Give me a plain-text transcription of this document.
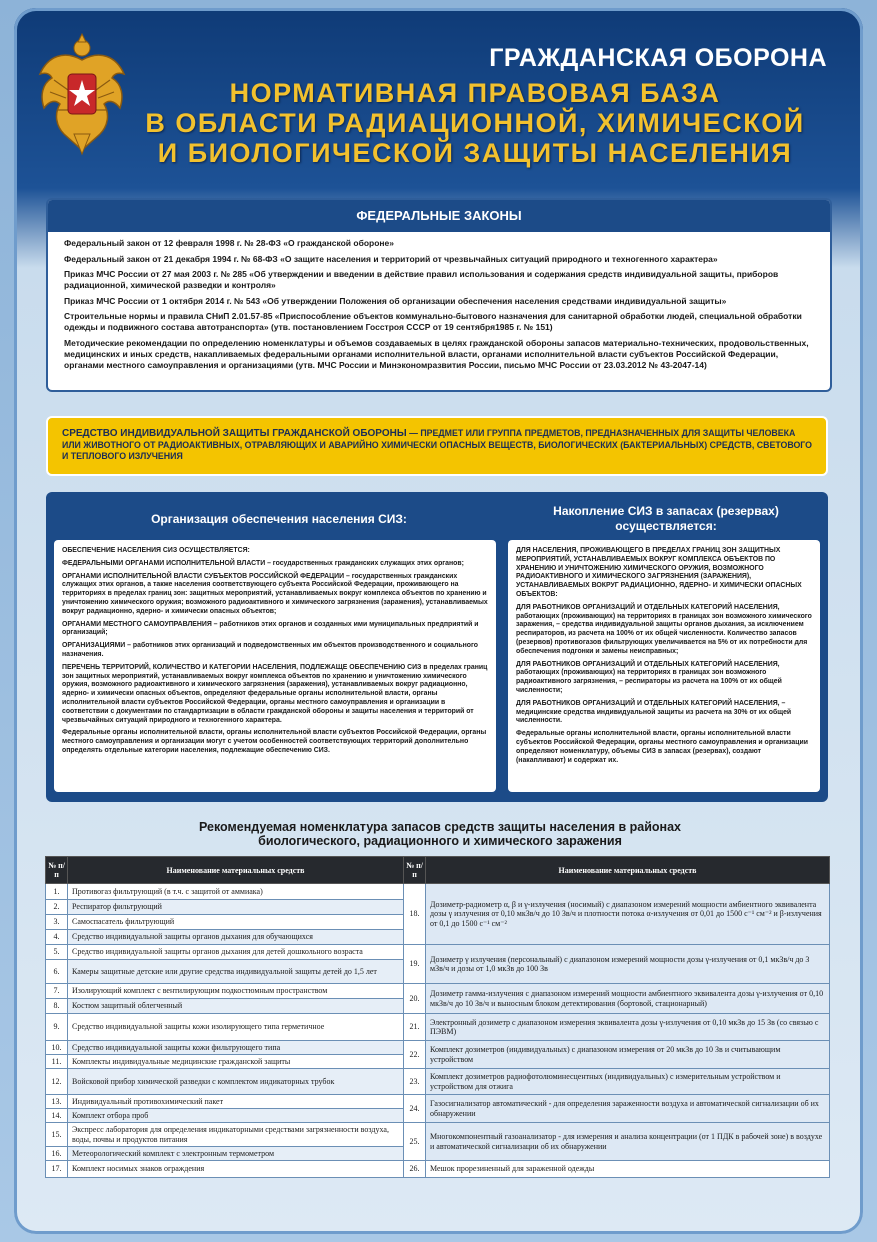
ГРАЖДАНСКАЯ ОБОРОНА
НОРМАТИВНАЯ ПРАВОВАЯ БАЗА
В ОБЛАСТИ РАДИАЦИОННОЙ, ХИМИЧЕСКОЙ
И БИОЛОГИЧЕСКОЙ ЗАЩИТЫ НАСЕЛЕНИЯ
ФЕДЕРАЛЬНЫЕ ЗАКОНЫ
Федеральный закон от 12 февраля 1998 г. № 28-ФЗ «О гражданской обороне»
Федеральный закон от 21 декабря 1994 г. № 68-ФЗ «О защите населения и территорий от чрезвычайных ситуаций природного и техногенного характера»
Приказ МЧС России от 27 мая 2003 г. № 285 «Об утверждении и введении в действие правил использования и содержания средств индивидуальной защиты, приборов радиационной, химической разведки и контроля»
Приказ МЧС России от 1 октября 2014 г. № 543 «Об утверждении Положения об организации обеспечения населения средствами индивидуальной защиты»
Строительные нормы и правила СНиП 2.01.57-85 «Приспособление объектов коммунально-бытового назначения для санитарной обработки людей, специальной обработки одежды и подвижного состава автотранспорта» (утв. постановлением Госстроя СССР от 19 сентября1985 г. № 151)
Методические рекомендации по определению номенклатуры и объемов создаваемых в целях гражданской обороны запасов материально-технических, продовольственных, медицинских и иных средств, накапливаемых федеральными органами исполнительной власти, органами исполнительной власти субъектов Российской Федерации, органами местного самоуправления и организациями (утв. МЧС России и Минэкономразвития России, письмо МЧС России от 23.03.2012 № 43-2047-14)
СРЕДСТВО ИНДИВИДУАЛЬНОЙ ЗАЩИТЫ ГРАЖДАНСКОЙ ОБОРОНЫ — ПРЕДМЕТ ИЛИ ГРУППА ПРЕДМЕТОВ, ПРЕДНАЗНАЧЕННЫХ ДЛЯ ЗАЩИТЫ ЧЕЛОВЕКА ИЛИ ЖИВОТНОГО ОТ РАДИОАКТИВНЫХ, ОТРАВЛЯЮЩИХ И АВАРИЙНО ХИМИЧЕСКИ ОПАСНЫХ ВЕЩЕСТВ, БИОЛОГИЧЕСКИХ (БАКТЕРИАЛЬНЫХ) СРЕДСТВ, СВЕТОВОГО И ТЕПЛОВОГО ИЗЛУЧЕНИЯ
Организация обеспечения населения СИЗ:
Накопление СИЗ в запасах (резервах) осуществляется:

ОБЕСПЕЧЕНИЕ НАСЕЛЕНИЯ СИЗ ОСУЩЕСТВЛЯЕТСЯ:

ФЕДЕРАЛЬНЫМИ ОРГАНАМИ ИСПОЛНИТЕЛЬНОЙ ВЛАСТИ – государственных гражданских служащих этих органов;

ОРГАНАМИ ИСПОЛНИТЕЛЬНОЙ ВЛАСТИ СУБЪЕКТОВ РОССИЙСКОЙ ФЕДЕРАЦИИ – государственных гражданских служащих этих органов, а также населения соответствующего субъекта Российской Федерации, проживающего на территориях в пределах границ зон: защитных мероприятий, устанавливаемых вокруг комплекса объектов по хранению и уничтожению химического оружия; возможного радиоактивного и химического загрязнения (заражения), устанавливаемых вокруг радиационно, ядерно- и химически опасных объектов;

ОРГАНАМИ МЕСТНОГО САМОУПРАВЛЕНИЯ – работников этих органов и созданных ими муниципальных предприятий и организаций;

ОРГАНИЗАЦИЯМИ – работников этих организаций и подведомственных им объектов производственного и социального назначения.

ПЕРЕЧЕНЬ ТЕРРИТОРИЙ, КОЛИЧЕСТВО И КАТЕГОРИИ НАСЕЛЕНИЯ, ПОДЛЕЖАЩЕ ОБЕСПЕЧЕНИЮ СИЗ в пределах границ зон защитных мероприятий, устанавливаемых вокруг комплекса объектов по хранению и уничтожению химического оружия, возможного радиоактивного и химического загрязнения (заражения), устанавливаемых вокруг радиационно, ядерно- и химически опасных объектов, определяют федеральные органы исполнительной власти, органы исполнительной власти субъектов Российской Федерации, органы местного самоуправления и организации в соответствии с документами по стандартизации в области гражданской обороны и защиты населения и территорий от чрезвычайных ситуаций природного и техногенного характера.

Федеральные органы исполнительной власти, органы исполнительной власти субъектов Российской Федерации, органы местного самоуправления и организации могут с учетом особенностей соответствующих территорий дополнительно определять отдельные категории населения, подлежащие обеспечению СИЗ.

ДЛЯ НАСЕЛЕНИЯ, ПРОЖИВАЮЩЕГО В ПРЕДЕЛАХ ГРАНИЦ ЗОН ЗАЩИТНЫХ МЕРОПРИЯТИЙ, УСТАНАВЛИВАЕМЫХ ВОКРУГ КОМПЛЕКСА ОБЪЕКТОВ ПО ХРАНЕНИЮ И УНИЧТОЖЕНИЮ ХИМИЧЕСКОГО ОРУЖИЯ, ВОЗМОЖНОГО РАДИОАКТИВНОГО И ХИМИЧЕСКОГО ЗАГРЯЗНЕНИЯ (ЗАРАЖЕНИЯ), УСТАНАВЛИВАЕМЫХ ВОКРУГ РАДИАЦИОННО, ЯДЕРНО- И ХИМИЧЕСКИ ОПАСНЫХ ОБЪЕКТОВ:

ДЛЯ РАБОТНИКОВ ОРГАНИЗАЦИЙ И ОТДЕЛЬНЫХ КАТЕГОРИЙ НАСЕЛЕНИЯ, работающих (проживающих) на территориях в границах зон возможного химического заражения, – средства индивидуальной защиты органов дыхания, за исключением респираторов, из расчета на 100% от их общей численности. Количество запасов (резервов) противогазов фильтрующих увеличивается на 5% от их потребности для обеспечения подгонки и замены неисправных;

ДЛЯ РАБОТНИКОВ ОРГАНИЗАЦИЙ И ОТДЕЛЬНЫХ КАТЕГОРИЙ НАСЕЛЕНИЯ, работающих (проживающих) на территориях в границах зон возможного радиоактивного загрязнения, – респираторы из расчета на 100% от их общей численности;

ДЛЯ РАБОТНИКОВ ОРГАНИЗАЦИЙ И ОТДЕЛЬНЫХ КАТЕГОРИЙ НАСЕЛЕНИЯ, – медицинские средства индивидуальной защиты из расчета на 30% от их общей численности.

Федеральные органы исполнительной власти, органы исполнительной власти субъектов Российской Федерации, органы местного самоуправления и организации определяют номенклатуру, объемы СИЗ в запасах (резервах), создают (накапливают) и содержат их.

Рекомендуемая номенклатура запасов средств защиты населения в районах
биологического, радиационного и химического заражения
№ п/п	Наименование материальных средств	№ п/п	Наименование материальных средств
1.	Противогаз фильтрующий (в т.ч. с защитой от аммиака)	18.	Дозиметр-радиометр α, β и γ-излучения (носимый) с диапазоном измерений мощности амбиентного эквивалента дозы γ излучения от 0,10 мкЗв/ч до 10 Зв/ч и плотности потока α-излучения от 0,01 до 1500 с⁻¹ см⁻² и β-излучения от 0,1 до 1500 с⁻¹ см⁻²
2.	Респиратор фильтрующий		
3.	Самоспасатель фильтрующий		
4.	Средство индивидуальной защиты органов дыхания для обучающихся		
5.	Средство индивидуальной защиты органов дыхания для детей дошкольного возраста	19.	Дозиметр γ излучения (персональный) с диапазоном измерений мощности дозы γ-излучения от 0,1 мкЗв/ч до 3 мЗв/ч и дозы от 1,0 мкЗв до 100 Зв
6.	Камеры защитные детские или другие средства индивидуальной защиты детей до 1,5 лет		
7.	Изолирующий комплект с вентилирующим подкостюмным пространством	20.	Дозиметр гамма-излучения с диапазоном измерений мощности амбиентного эквивалента дозы γ-излучения от 0,10 мкЗв/ч до 10 Зв/ч и выносным блоком детектирования (бортовой, стационарный)
8.	Костюм защитный облегченный		
9.	Средство индивидуальной защиты кожи изолирующего типа герметичное	21.	Электронный дозиметр с диапазоном измерения эквивалента дозы γ-излучения от 0,10 мкЗв до 15 Зв (со связью с ПЭВМ)
10.	Средство индивидуальной защиты кожи фильтрующего типа	22.	Комплект дозиметров (индивидуальных) с диапазоном измерения от 20 мкЗв до 10 Зв и считывающим устройством
11.	Комплекты индивидуальные медицинские гражданской защиты		
12.	Войсковой прибор химической разведки с комплектом индикаторных трубок	23.	Комплект дозиметров радиофотолюминесцентных (индивидуальных) с измерительным устройством и устройством для отжига
13.	Индивидуальный противохимический пакет	24.	Газосигнализатор автоматический - для определения зараженности воздуха и автоматической сигнализации об их обнаружении
14.	Комплект отбора проб		
15.	Экспресс лаборатория для определения индикаторными средствами загрязненности воздуха, воды, почвы и продуктов питания	25.	Многокомпонентный газоанализатор - для измерения и анализа концентрации (от 1 ПДК в рабочей зоне) в воздухе и автоматической сигнализации об их обнаружении
16.	Метеорологический комплект с электронным термометром		
17.	Комплект носимых знаков ограждения	26.	Мешок прорезиненный для зараженной одежды
